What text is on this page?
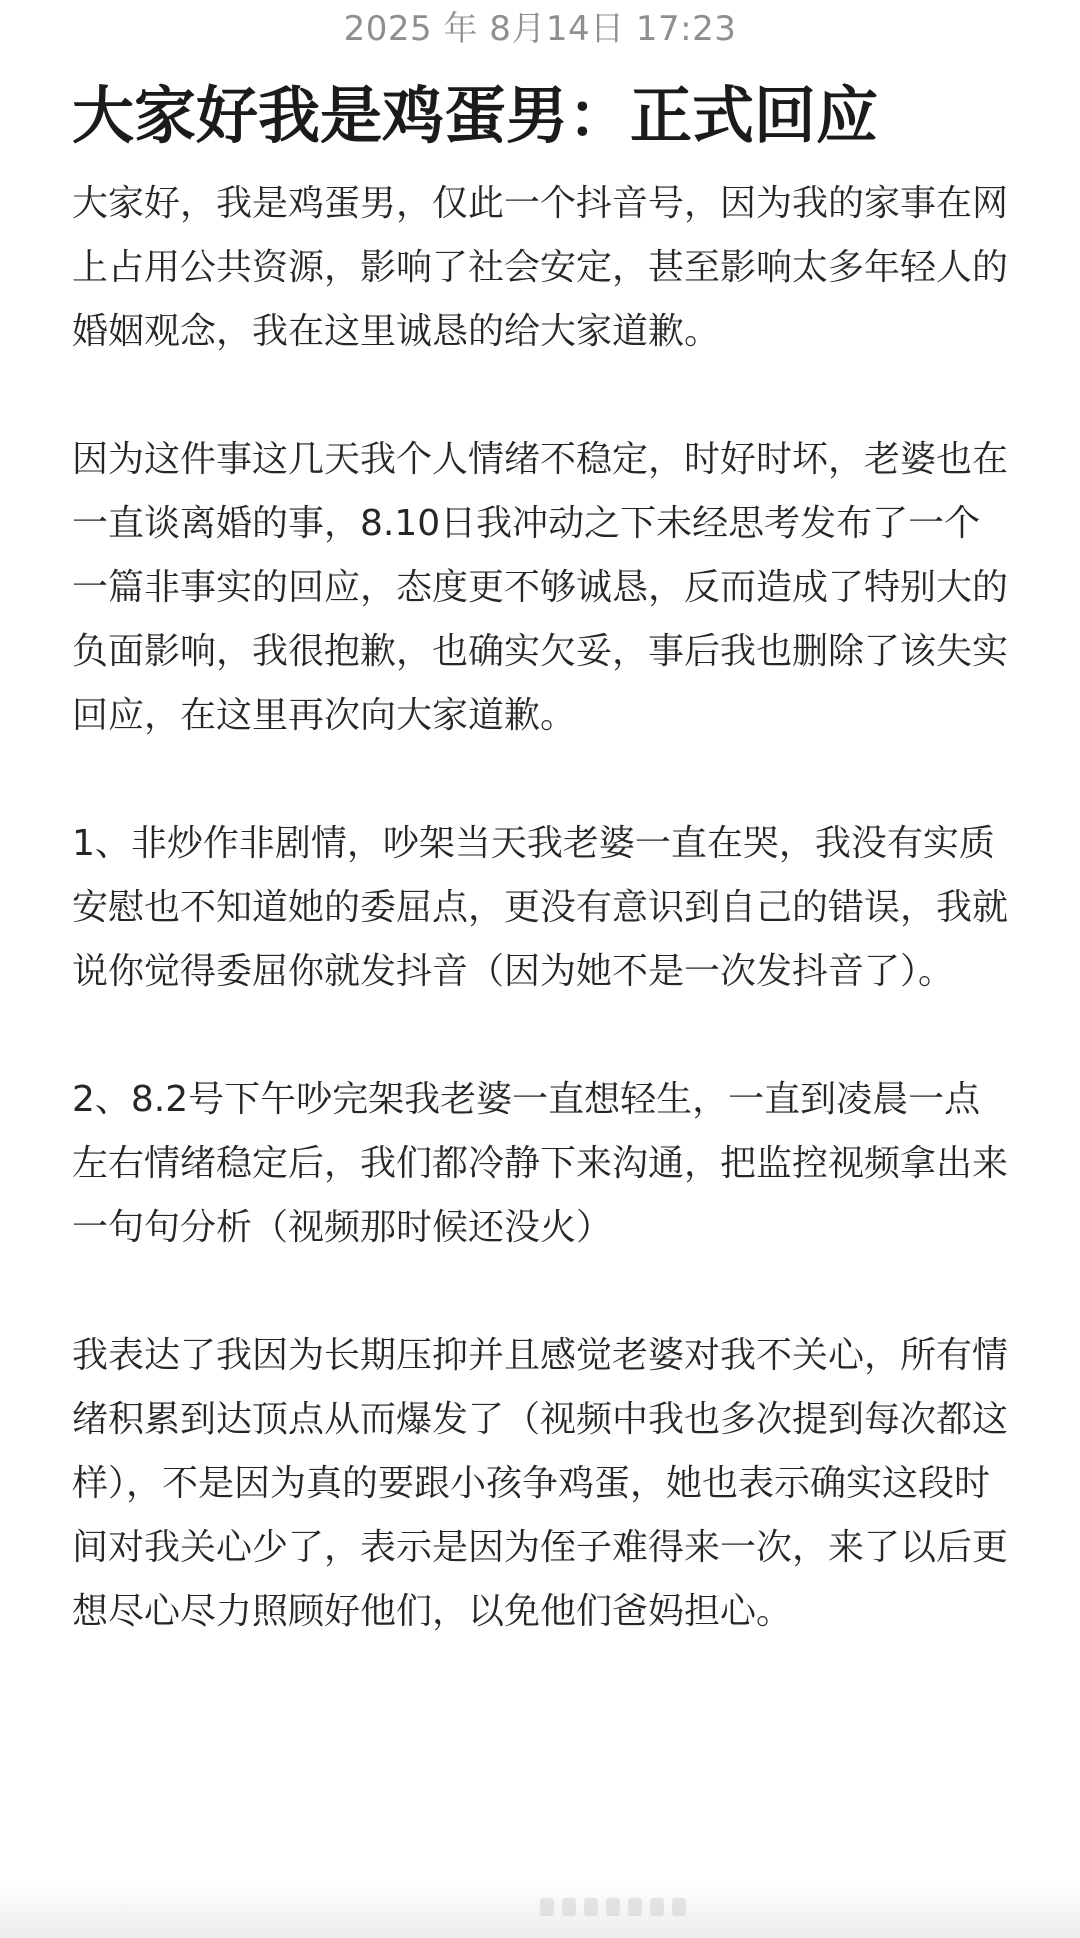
2025 年 8月14日 17:23
大家好我是鸡蛋男：正式回应

大家好，我是鸡蛋男，仅此一个抖音号，因为我的家事在网上占用公共资源，影响了社会安定，甚至影响太多年轻人的婚姻观念，我在这里诚恳的给大家道歉。

因为这件事这几天我个人情绪不稳定，时好时坏，老婆也在一直谈离婚的事，8.10日我冲动之下未经思考发布了一个一篇非事实的回应，态度更不够诚恳，反而造成了特别大的负面影响，我很抱歉，也确实欠妥，事后我也删除了该失实回应，在这里再次向大家道歉。

1、非炒作非剧情，吵架当天我老婆一直在哭，我没有实质安慰也不知道她的委屈点，更没有意识到自己的错误，我就说你觉得委屈你就发抖音（因为她不是一次发抖音了）。

2、8.2号下午吵完架我老婆一直想轻生，一直到凌晨一点左右情绪稳定后，我们都冷静下来沟通，把监控视频拿出来一句句分析（视频那时候还没火）

我表达了我因为长期压抑并且感觉老婆对我不关心，所有情绪积累到达顶点从而爆发了（视频中我也多次提到每次都这样），不是因为真的要跟小孩争鸡蛋，她也表示确实这段时间对我关心少了，表示是因为侄子难得来一次，来了以后更想尽心尽力照顾好他们，以免他们爸妈担心。
